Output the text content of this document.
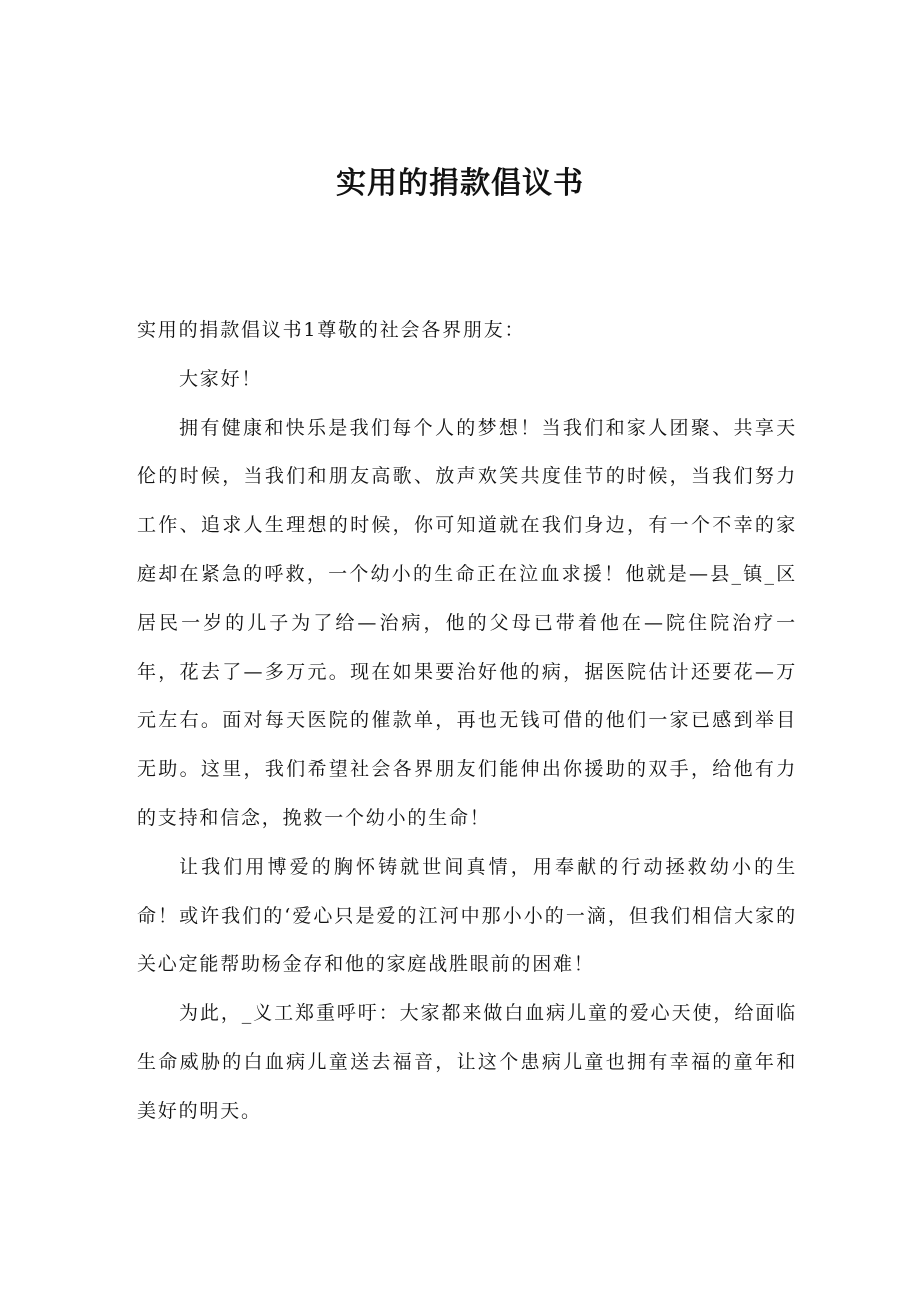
实用的捐款倡议书

实用的捐款倡议书1尊敬的社会各界朋友：

大家好！

拥有健康和快乐是我们每个人的梦想！当我们和家人团聚、共享天伦的时候，当我们和朋友高歌、放声欢笑共度佳节的时候，当我们努力工作、追求人生理想的时候，你可知道就在我们身边，有一个不幸的家庭却在紧急的呼救，一个幼小的生命正在泣血求援！他就是—县_镇_区居民一岁的儿子为了给—治病，他的父母已带着他在—院住院治疗一年，花去了—多万元。现在如果要治好他的病，据医院估计还要花—万元左右。面对每天医院的催款单，再也无钱可借的他们一家已感到举目无助。这里，我们希望社会各界朋友们能伸出你援助的双手，给他有力的支持和信念，挽救一个幼小的生命！

让我们用博爱的胸怀铸就世间真情，用奉献的行动拯救幼小的生命！或许我们的‘爱心只是爱的江河中那小小的一滴，但我们相信大家的关心定能帮助杨金存和他的家庭战胜眼前的困难！

为此，_义工郑重呼吁：大家都来做白血病儿童的爱心天使，给面临生命威胁的白血病儿童送去福音，让这个患病儿童也拥有幸福的童年和美好的明天。
